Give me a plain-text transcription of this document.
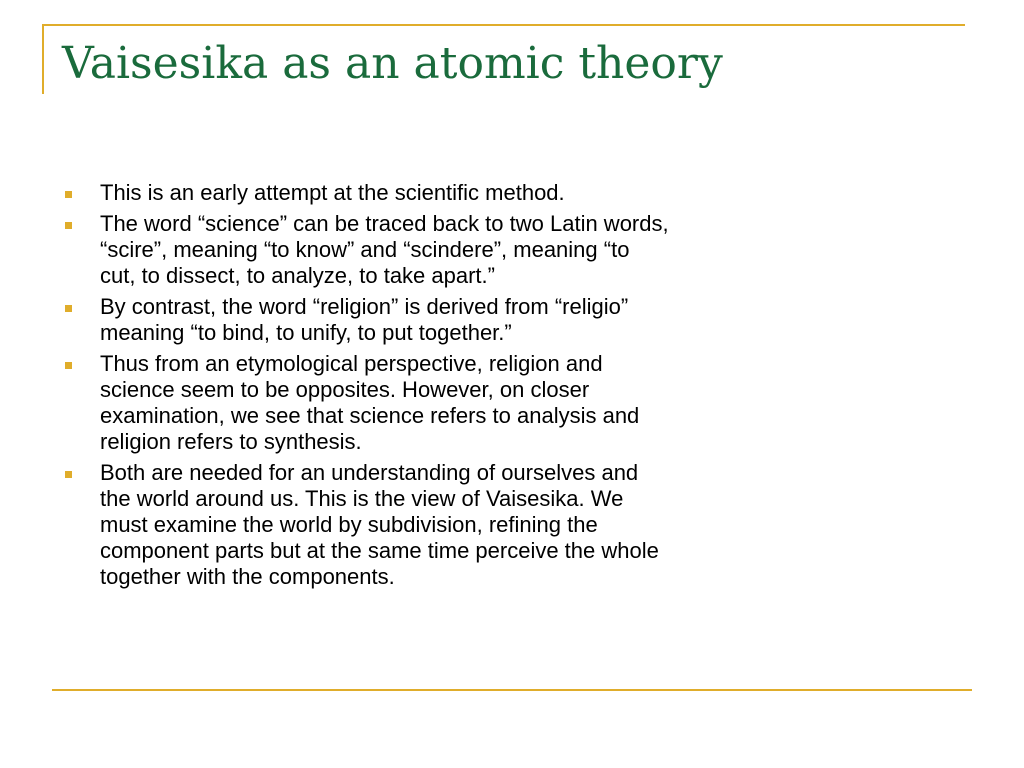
Vaisesika as an atomic theory
This is an early attempt at the scientific method.
The word “science” can be traced back to two Latin words,
“scire”, meaning “to know” and “scindere”, meaning “to
cut, to dissect, to analyze, to take apart.”
By contrast, the word “religion” is derived from “religio”
meaning “to bind, to unify, to put together.”
Thus from an etymological perspective, religion and
science seem to be opposites. However, on closer
examination, we see that science refers to analysis and
religion refers to synthesis.
Both are needed for an understanding of ourselves and
the world around us. This is the view of Vaisesika. We
must examine the world by subdivision, refining the
component parts but at the same time perceive the whole
together with the components.
